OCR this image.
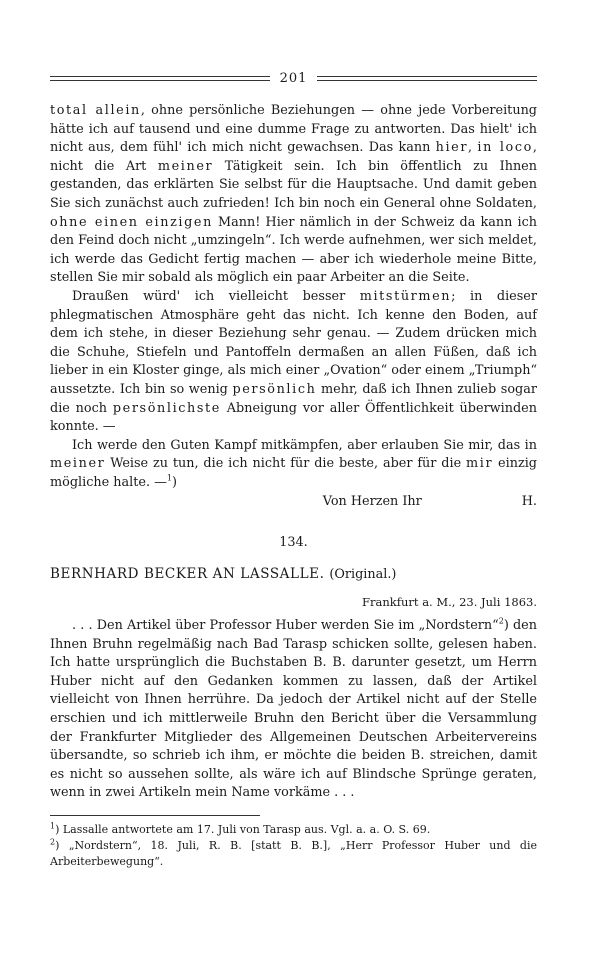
201

total allein, ohne persönliche Beziehungen — ohne jede Vorbereitung hätte ich auf tausend und eine dumme Frage zu antworten. Das hielt' ich nicht aus, dem fühl' ich mich nicht gewachsen. Das kann hier, in loco, nicht die Art meiner Tätigkeit sein. Ich bin öffentlich zu Ihnen gestanden, das erklärten Sie selbst für die Hauptsache. Und damit geben Sie sich zunächst auch zufrieden! Ich bin noch ein General ohne Soldaten, ohne einen einzigen Mann! Hier nämlich in der Schweiz da kann ich den Feind doch nicht „umzingeln“. Ich werde aufnehmen, wer sich meldet, ich werde das Gedicht fertig machen — aber ich wiederhole meine Bitte, stellen Sie mir sobald als möglich ein paar Arbeiter an die Seite.

Draußen würd' ich vielleicht besser mitstürmen; in dieser phlegmatischen Atmosphäre geht das nicht. Ich kenne den Boden, auf dem ich stehe, in dieser Beziehung sehr genau. — Zudem drücken mich die Schuhe, Stiefeln und Pantoffeln dermaßen an allen Füßen, daß ich lieber in ein Kloster ginge, als mich einer „Ovation“ oder einem „Triumph“ aussetzte. Ich bin so wenig persönlich mehr, daß ich Ihnen zulieb sogar die noch persönlichste Abneigung vor aller Öffentlichkeit überwinden konnte. —

Ich werde den Guten Kampf mitkämpfen, aber erlauben Sie mir, das in meiner Weise zu tun, die ich nicht für die beste, aber für die mir einzig mögliche halte. —$^1$)

Von Herzen Ihr	H.
134.
BERNHARD BECKER AN LASSALLE. (Original.)
Frankfurt a. M., 23. Juli 1863.

. . . Den Artikel über Professor Huber werden Sie im „Nordstern“$^2$) den Ihnen Bruhn regelmäßig nach Bad Tarasp schicken sollte, gelesen haben. Ich hatte ursprünglich die Buchstaben B. B. darunter gesetzt, um Herrn Huber nicht auf den Gedanken kommen zu lassen, daß der Artikel vielleicht von Ihnen herrühre. Da jedoch der Artikel nicht auf der Stelle erschien und ich mittlerweile Bruhn den Bericht über die Versammlung der Frankfurter Mitglieder des Allgemeinen Deutschen Arbeitervereins übersandte, so schrieb ich ihm, er möchte die beiden B. streichen, damit es nicht so aussehen sollte, als wäre ich auf Blindsche Sprünge geraten, wenn in zwei Artikeln mein Name vorkäme . . .

$^1$) Lassalle antwortete am 17. Juli von Tarasp aus. Vgl. a. a. O. S. 69.
$^2$) „Nordstern“, 18. Juli, R. B. [statt B. B.], „Herr Professor Huber und die Arbeiterbewegung“.
